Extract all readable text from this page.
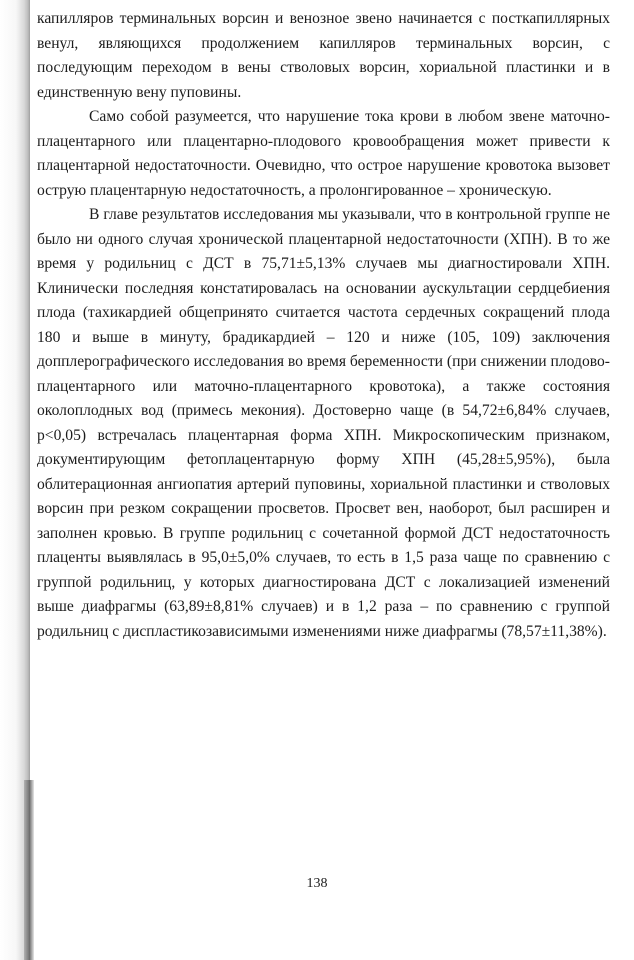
капилляров терминальных ворсин и венозное звено начинается с посткапиллярных венул, являющихся продолжением капилляров терминальных ворсин, с последующим переходом в вены стволовых ворсин, хориальной пластинки и в единственную вену пуповины.

Само собой разумеется, что нарушение тока крови в любом звене маточно-плацентарного или плацентарно-плодового кровообращения может привести к плацентарной недостаточности. Очевидно, что острое нарушение кровотока вызовет острую плацентарную недостаточность, а пролонгированное – хроническую.

В главе результатов исследования мы указывали, что в контрольной группе не было ни одного случая хронической плацентарной недостаточности (ХПН). В то же время у родильниц с ДСТ в 75,71±5,13% случаев мы диагностировали ХПН. Клинически последняя констатировалась на основании аускультации сердцебиения плода (тахикардией общепринято считается частота сердечных сокращений плода 180 и выше в минуту, брадикардией – 120 и ниже (105, 109) заключения допплерографического исследования во время беременности (при снижении плодово-плацентарного или маточно-плацентарного кровотока), а также состояния околоплодных вод (примесь мекония). Достоверно чаще (в 54,72±6,84% случаев, p<0,05) встречалась плацентарная форма ХПН. Микроскопическим признаком, документирующим фетоплацентарную форму ХПН (45,28±5,95%), была облитерационная ангиопатия артерий пуповины, хориальной пластинки и стволовых ворсин при резком сокращении просветов. Просвет вен, наоборот, был расширен и заполнен кровью. В группе родильниц с сочетанной формой ДСТ недостаточность плаценты выявлялась в 95,0±5,0% случаев, то есть в 1,5 раза чаще по сравнению с группой родильниц, у которых диагностирована ДСТ с локализацией изменений выше диафрагмы (63,89±8,81% случаев) и в 1,2 раза – по сравнению с группой родильниц с диспластикозависимыми изменениями ниже диафрагмы (78,57±11,38%).

138
